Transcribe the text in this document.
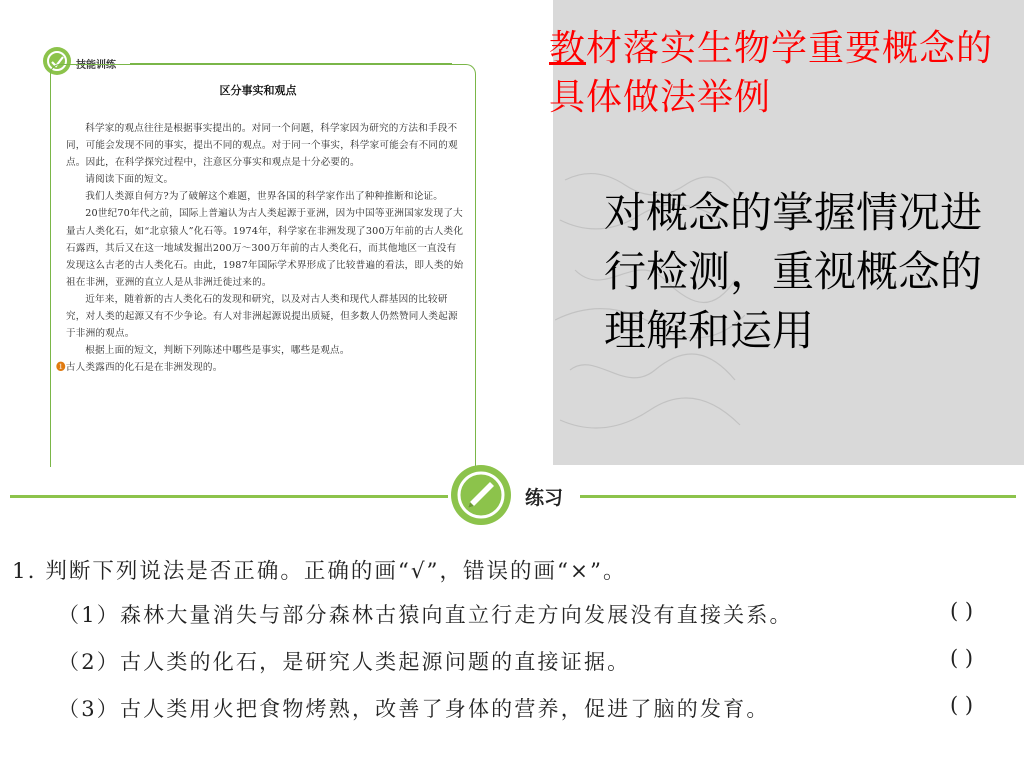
教材落实生物学重要概念的具体做法举例
对概念的掌握情况进行检测，重视概念的理解和运用
技能训练
区分事实和观点

科学家的观点往往是根据事实提出的。对同一个问题，科学家因为研究的方法和手段不同，可能会发现不同的事实，提出不同的观点。对于同一个事实，科学家可能会有不同的观点。因此，在科学探究过程中，注意区分事实和观点是十分必要的。

请阅读下面的短文。

我们人类源自何方?为了破解这个难题，世界各国的科学家作出了种种推断和论证。

20世纪70年代之前，国际上普遍认为古人类起源于亚洲，因为中国等亚洲国家发现了大量古人类化石，如“北京猿人”化石等。1974年，科学家在非洲发现了300万年前的古人类化石露西，其后又在这一地域发掘出200万～300万年前的古人类化石，而其他地区一直没有发现这么古老的古人类化石。由此，1987年国际学术界形成了比较普遍的看法，即人类的始祖在非洲，亚洲的直立人是从非洲迁徙过来的。

近年来，随着新的古人类化石的发现和研究，以及对古人类和现代人群基因的比较研究，对人类的起源又有不少争论。有人对非洲起源说提出质疑，但多数人仍然赞同人类起源于非洲的观点。

根据上面的短文，判断下列陈述中哪些是事实，哪些是观点。

❶古人类露西的化石是在非洲发现的。

练习
1. 判断下列说法是否正确。正确的画“√”，错误的画“×”。
（1）森林大量消失与部分森林古猿向直立行走方向发展没有直接关系。	( )
（2）古人类的化石，是研究人类起源问题的直接证据。	( )
（3）古人类用火把食物烤熟，改善了身体的营养，促进了脑的发育。	( )
